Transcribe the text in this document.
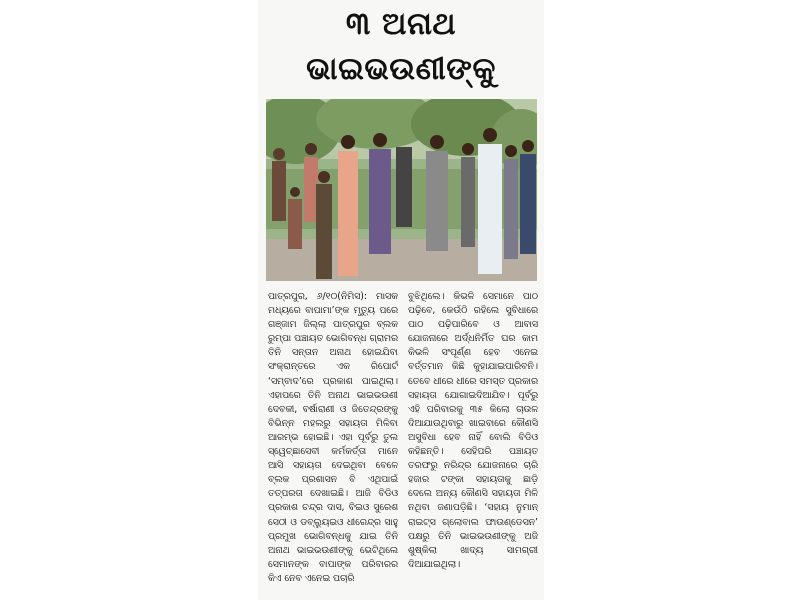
୩ ଅନାଥ ଭାଇଭଉଣୀଙ୍କୁ

ପାତ୍ରପୁର, ୬/୧୦(ନିମିସ): ମାସକ ମଧ୍ୟରେ ବାପାମା’ଙ୍କ ମୃତ୍ୟୁ ପରେ ଗଞ୍ଜାମ ଜିଲ୍ଲା ପାତ୍ରପୁର ବ୍ଲକ ରୁମ୍ପା ପଞ୍ଚାୟତ ଭୋଗିବନ୍ଧ ଗ୍ରାମର ତିନି ସନ୍ତାନ ଅନାଥ ହୋଇଯିବା ସଂକ୍ରାନ୍ତରେ ଏକ ରିପୋର୍ଟ ‘ସମ୍ବାଦ’ରେ ପ୍ରକାଶ ପାଇଥିଲା। ଏହାପରେ ତିନି ଅନାଥ ଭାଇଭଉଣୀ ଦେବକୀ, ବର୍ଷାରାଣୀ ଓ ଜିତେନ୍ଦ୍ରଙ୍କୁ ବିଭିନ୍ନ ମହଲରୁ ସହାୟତା ମିଳିବା ଆରମ୍ଭ ହୋଇଛି। ଏହା ପୂର୍ବରୁ ତୁଲ ସ୍ୱେଚ୍ଛାସେବୀ କର୍ମକର୍ତ୍ତା ମାନେ ଆସି ସହାୟତା ଦେଇଥିବା ବେଳେ ବ୍ଲକ ପ୍ରଶାସନ ବି ଏଥିପାଇଁ ତତ୍ପରତା ଦେଖାଇଛି। ଆଜି ବିଡିଓ ପ୍ରକାଶ ଚନ୍ଦ୍ର ଦାସ, ବିଇଓ ସୁରେଶ ସେଠୀ ଓ ଡବ୍ଲ୍ୟୁଇଓ ଧୀରେନ୍ଦ୍ର ସାହୁ ପ୍ରମୁଖ ଭୋଗିବନ୍ଧକୁ ଯାଇ ତିନି ଅନାଥ ଭାଇଭଉଣୀଙ୍କୁ ଭେଟିଥିଲେ ସେମାନଙ୍କ ବାପାଙ୍କ ପରିବାରର କିଏ ନେବ ଏନେଇ ପଚାରି

ବୁଝିଥିଲେ। କିଭଳି ସେମାନେ ପାଠ ପଢ଼ିବେ, କେଉଁଠି ରହିଲେ ସୁବିଧାରେ ପାଠ ପଢ଼ିପାରିବେ ଓ ଆବାସ ଯୋଜନାରେ ଅର୍ଦ୍ଧନିର୍ମିତ ଘର କାମ କିଭଳି ସଂପୂର୍ଣ୍ଣ ହେବ ଏନେଇ ବର୍ତ୍ତମାନ କିଛି କୁହାଯାଇପାରିବନି। ତେବେ ଧୀରେ ଧୀରେ ସମସ୍ତ ପ୍ରକାର ସହାୟତା ଯୋଗାଇଦିଆଯିବ। ପୂର୍ବରୁ ଏହି ପରିବାରକୁ ୩୫ କିଲୋ ଚାଉଳ ଦିଆଯାଉଥିବାରୁ ଖାଇବାରେ କୌଣସି ଅସୁବିଧା ହେବ ନାହିଁ ବୋଲି ବିଡିଓ କହିଛନ୍ତି। ସେହିପରି ପଞ୍ଚାୟତ ତରଫରୁ ନରିନ୍ଦ୍ର ଯୋଜନାରେ ଚାରି ହଜାର ଟଙ୍କା ସହାୟତାକୁ ଛାଡ଼ି ଦେଲେ ଅନ୍ୟ କୌଣସି ସହାୟତା ମିଳି ନଥିବା ଜଣାପଡ଼ିଛି। ‘ସହାୟ ନୁମାନ୍ ରାଇଟ୍ସ ଗ୍ଲୋବାଲ ଫାଉଣ୍ଡେସନ’ ପକ୍ଷରୁ ତିନି ଭାଇଭଉଣୀଙ୍କୁ ଅଜି ଶୁଷ୍କିଲା ଖାଦ୍ୟ ସାମଗ୍ରୀ ଦିଆଯାଇଥିଲା।
